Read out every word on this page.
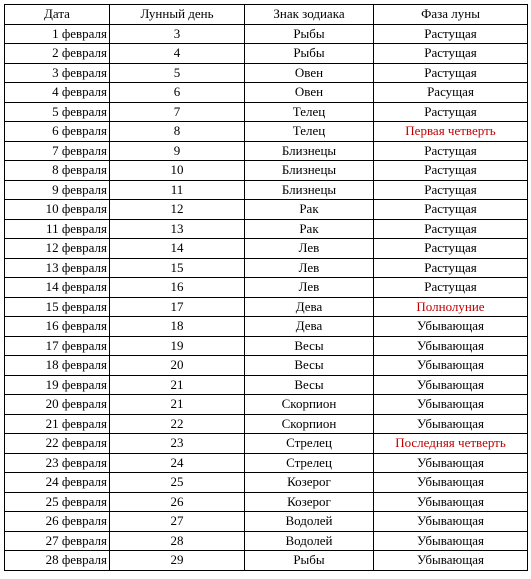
Дата	Лунный день	Знак зодиака	Фаза луны
1 февраля	3	Рыбы	Растущая
2 февраля	4	Рыбы	Растущая
3 февраля	5	Овен	Растущая
4 февраля	6	Овен	Расущая
5 февраля	7	Телец	Растущая
6 февраля	8	Телец	Первая четверть
7 февраля	9	Близнецы	Растущая
8 февраля	10	Близнецы	Растущая
9 февраля	11	Близнецы	Растущая
10 февраля	12	Рак	Растущая
11 февраля	13	Рак	Растущая
12 февраля	14	Лев	Растущая
13 февраля	15	Лев	Растущая
14 февраля	16	Лев	Растущая
15 февраля	17	Дева	Полнолуние
16 февраля	18	Дева	Убывающая
17 февраля	19	Весы	Убывающая
18 февраля	20	Весы	Убывающая
19 февраля	21	Весы	Убывающая
20 февраля	21	Скорпион	Убывающая
21 февраля	22	Скорпион	Убывающая
22 февраля	23	Стрелец	Последняя четверть
23 февраля	24	Стрелец	Убывающая
24 февраля	25	Козерог	Убывающая
25 февраля	26	Козерог	Убывающая
26 февраля	27	Водолей	Убывающая
27 февраля	28	Водолей	Убывающая
28 февраля	29	Рыбы	Убывающая
